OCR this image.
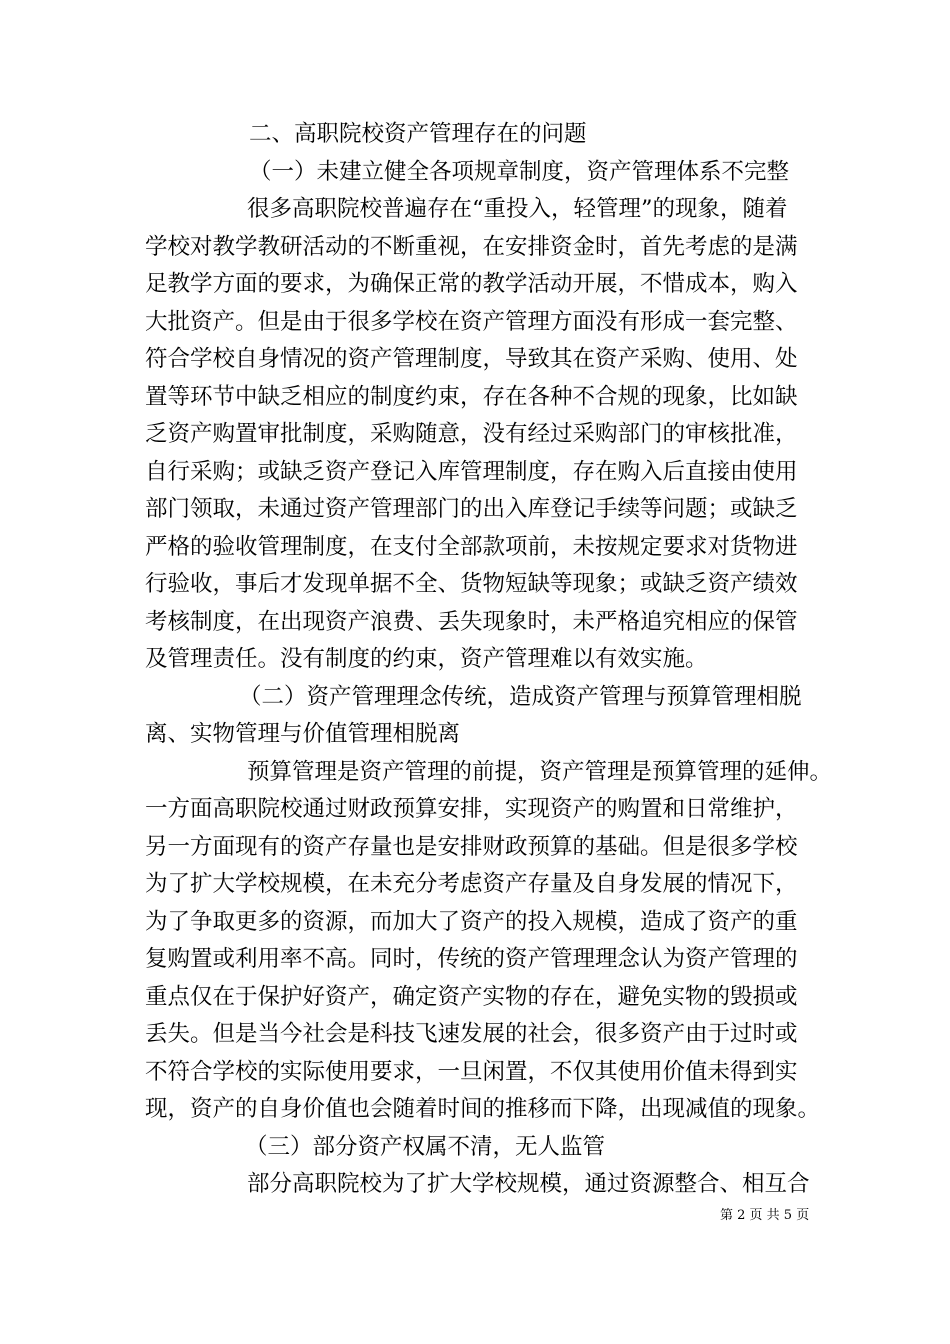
二、高职院校资产管理存在的问题
（一）未建立健全各项规章制度，资产管理体系不完整
很多高职院校普遍存在“重投入，轻管理”的现象，随着
学校对教学教研活动的不断重视，在安排资金时，首先考虑的是满
足教学方面的要求，为确保正常的教学活动开展，不惜成本，购入
大批资产。但是由于很多学校在资产管理方面没有形成一套完整、
符合学校自身情况的资产管理制度，导致其在资产采购、使用、处
置等环节中缺乏相应的制度约束，存在各种不合规的现象，比如缺
乏资产购置审批制度，采购随意，没有经过采购部门的审核批准，
自行采购；或缺乏资产登记入库管理制度，存在购入后直接由使用
部门领取，未通过资产管理部门的出入库登记手续等问题；或缺乏
严格的验收管理制度，在支付全部款项前，未按规定要求对货物进
行验收，事后才发现单据不全、货物短缺等现象；或缺乏资产绩效
考核制度，在出现资产浪费、丢失现象时，未严格追究相应的保管
及管理责任。没有制度的约束，资产管理难以有效实施。
（二）资产管理理念传统，造成资产管理与预算管理相脱
离、实物管理与价值管理相脱离
预算管理是资产管理的前提，资产管理是预算管理的延伸。
一方面高职院校通过财政预算安排，实现资产的购置和日常维护，
另一方面现有的资产存量也是安排财政预算的基础。但是很多学校
为了扩大学校规模，在未充分考虑资产存量及自身发展的情况下，
为了争取更多的资源，而加大了资产的投入规模，造成了资产的重
复购置或利用率不高。同时，传统的资产管理理念认为资产管理的
重点仅在于保护好资产，确定资产实物的存在，避免实物的毁损或
丢失。但是当今社会是科技飞速发展的社会，很多资产由于过时或
不符合学校的实际使用要求，一旦闲置，不仅其使用价值未得到实
现，资产的自身价值也会随着时间的推移而下降，出现减值的现象。
（三）部分资产权属不清，无人监管
部分高职院校为了扩大学校规模，通过资源整合、相互合
第 2 页 共 5 页
